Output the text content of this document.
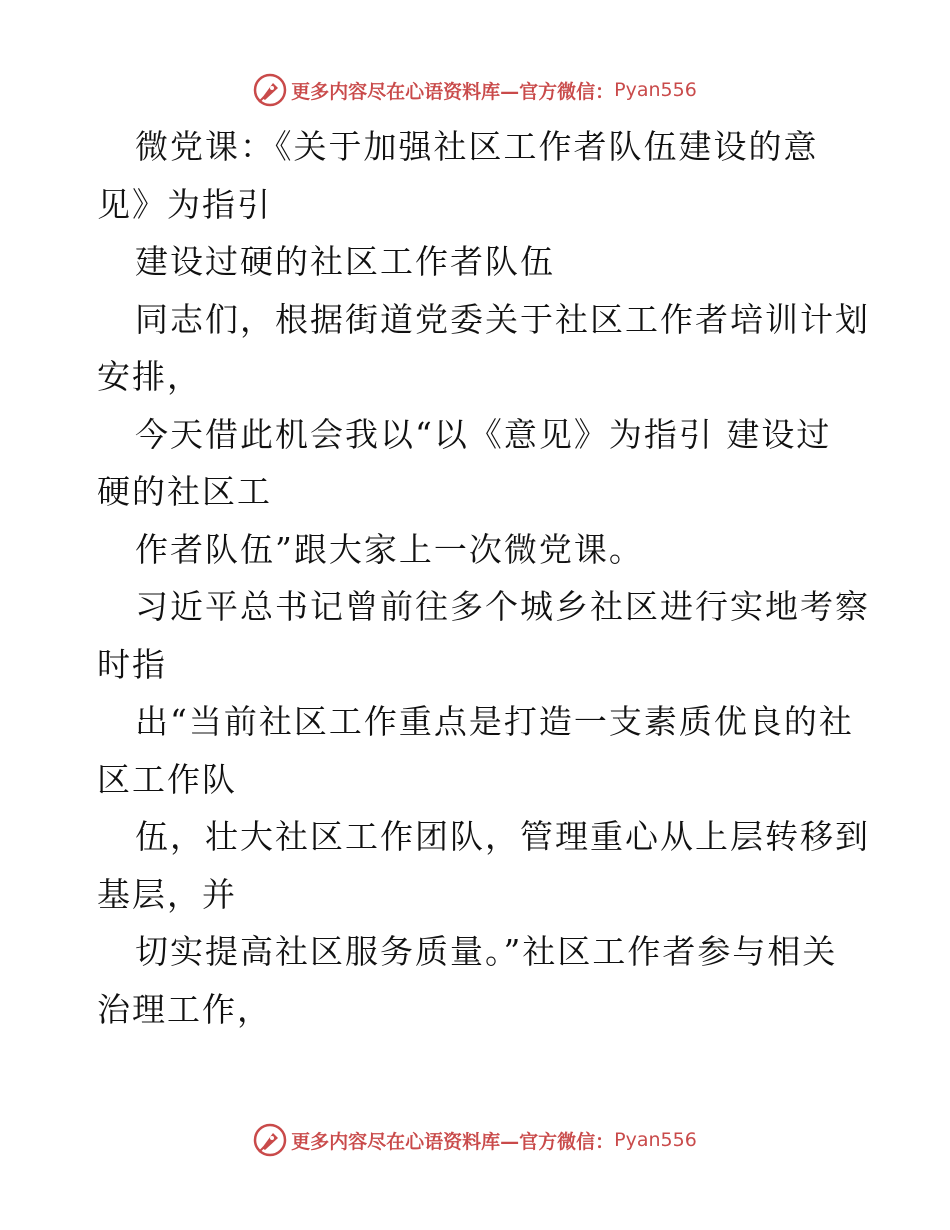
更多内容尽在心语资料库—官方微信： Pyan556
微党课：《关于加强社区工作者队伍建设的意
见》为指引
建设过硬的社区工作者队伍
同志们，根据街道党委关于社区工作者培训计划
安排，
今天借此机会我以“以《意见》为指引 建设过
硬的社区工
作者队伍”跟大家上一次微党课。
习近平总书记曾前往多个城乡社区进行实地考察
时指
出“当前社区工作重点是打造一支素质优良的社
区工作队
伍，壮大社区工作团队，管理重心从上层转移到
基层，并
切实提高社区服务质量。”社区工作者参与相关
治理工作，
更多内容尽在心语资料库—官方微信： Pyan556
